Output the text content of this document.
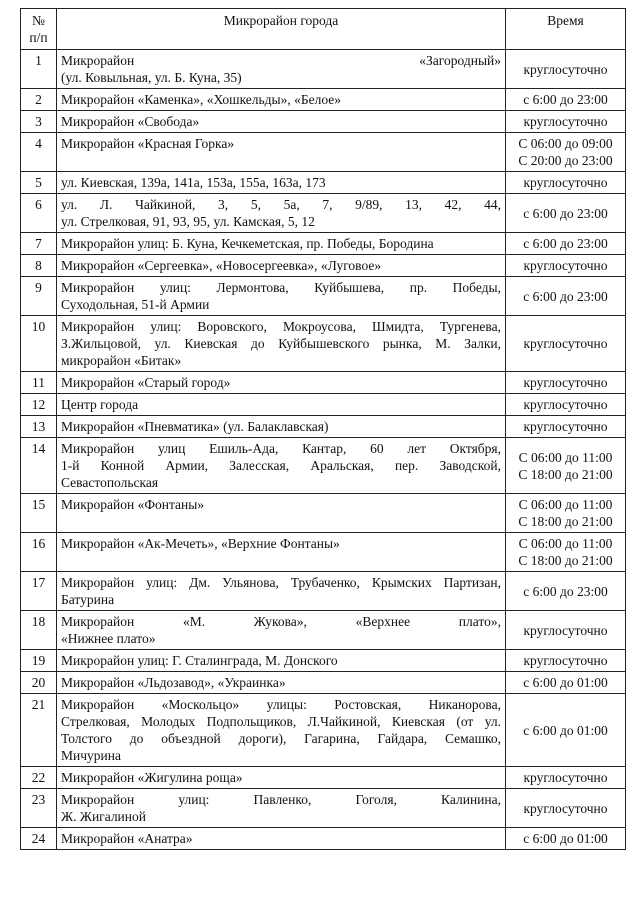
№
п/п	Микрорайон города	Время
1	Микрорайон «Загородный»
(ул. Ковыльная, ул. Б. Куна, 35)	круглосуточно

2	Микрорайон «Каменка», «Хошкельды», «Белое»	с 6:00 до 23:00

3	Микрорайон «Свобода»	круглосуточно

4	Микрорайон «Красная Горка»	С 06:00 до 09:00
С 20:00 до 23:00

5	ул. Киевская, 139а, 141а, 153а, 155а, 163а, 173	круглосуточно

6	ул. Л. Чайкиной, 3, 5, 5а, 7, 9/89, 13, 42, 44,
ул. Стрелковая, 91, 93, 95, ул. Камская, 5, 12	с 6:00 до 23:00

7	Микрорайон улиц: Б. Куна, Кечкеметская, пр. Победы, Бородина	с 6:00 до 23:00

8	Микрорайон «Сергеевка», «Новосергеевка», «Луговое»	круглосуточно

9	Микрорайон улиц: Лермонтова, Куйбышева, пр. Победы,
Суходольная, 51-й Армии	с 6:00 до 23:00

10	Микрорайон улиц: Воровского, Мокроусова, Шмидта, Тургенева,
З.Жильцовой, ул. Киевская до Куйбышевского рынка, М. Залки,
микрорайон «Битак»	круглосуточно

11	Микрорайон «Старый город»	круглосуточно

12	Центр города	круглосуточно

13	Микрорайон «Пневматика» (ул. Балаклавская)	круглосуточно

14	Микрорайон улиц Ешиль-Ада, Кантар, 60 лет Октября,
1-й Конной Армии, Залесская, Аральская, пер. Заводской,
Севастопольская	С 06:00 до 11:00
С 18:00 до 21:00

15	Микрорайон «Фонтаны»	С 06:00 до 11:00
С 18:00 до 21:00

16	Микрорайон «Ак-Мечеть», «Верхние Фонтаны»	С 06:00 до 11:00
С 18:00 до 21:00

17	Микрорайон улиц: Дм. Ульянова, Трубаченко, Крымских Партизан,
Батурина	с 6:00 до 23:00

18	Микрорайон «М. Жукова», «Верхнее плато»,
«Нижнее плато»	круглосуточно

19	Микрорайон улиц: Г. Сталинграда, М. Донского	круглосуточно

20	Микрорайон «Льдозавод», «Украинка»	с 6:00 до 01:00

21	Микрорайон «Москольцо» улицы: Ростовская, Никанорова,
Стрелковая, Молодых Подпольщиков, Л.Чайкиной, Киевская (от ул.
Толстого до объездной дороги), Гагарина, Гайдара, Семашко,
Мичурина	с 6:00 до 01:00

22	Микрорайон «Жигулина роща»	круглосуточно

23	Микрорайон улиц: Павленко, Гоголя, Калинина,
Ж. Жигалиной	круглосуточно

24	Микрорайон «Анатра»	с 6:00 до 01:00
